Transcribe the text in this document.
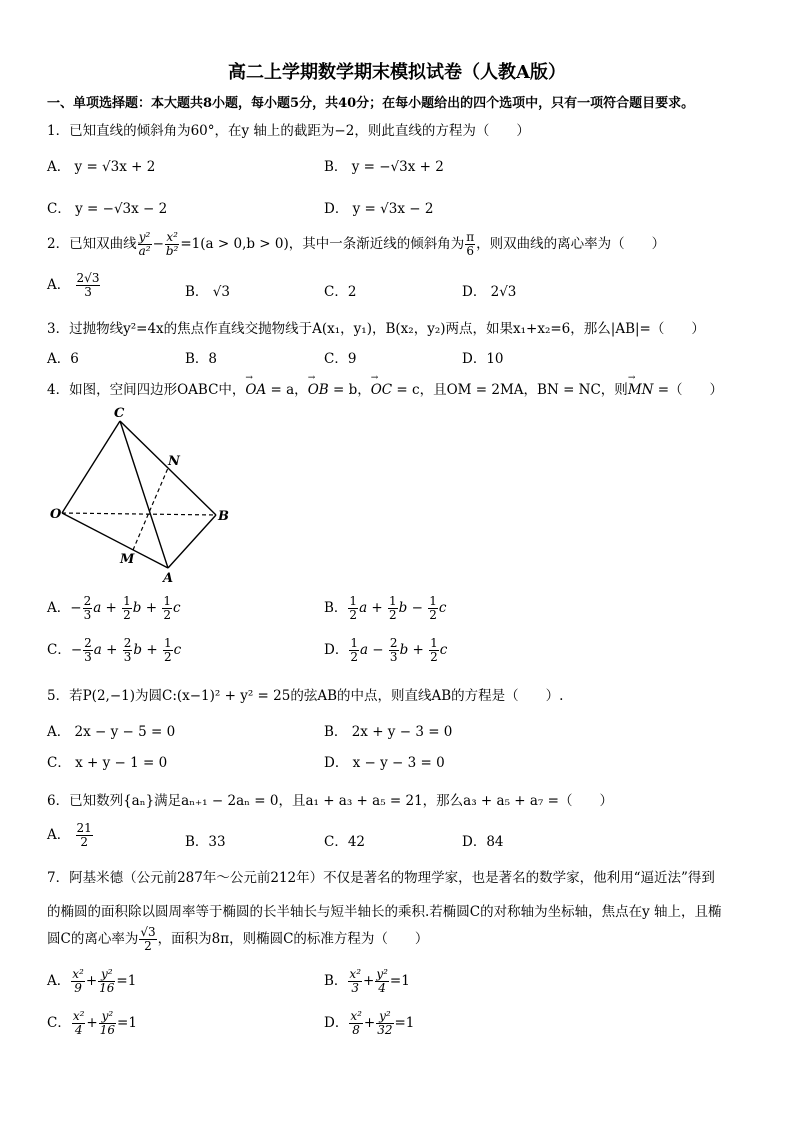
高二上学期数学期末模拟试卷（人教A版）
一、单项选择题：本大题共8小题，每小题5分，共40分；在每小题给出的四个选项中，只有一项符合题目要求。
1．已知直线的倾斜角为60°，在y 轴上的截距为−2，则此直线的方程为（　　）
A． y = √3x + 2	B． y = −√3x + 2
C． y = −√3x − 2	D． y = √3x − 2
2．已知双曲线 $\frac{\text{y²}}{\text{a²}} - \frac{\text{x²}}{\text{b²}} =1(a > 0,b > 0)$，其中一条渐近线的倾斜角为 $\frac{\pi}{6}$ ，则双曲线的离心率为（　　）
A． $\frac{2√3}{3}$	B． √3	C．2	D． 2√3
3．过抛物线y²=4x的焦点作直线交抛物线于A(x₁，y₁)，B(x₂，y₂)两点，如果x₁+x₂=6，那么|AB|=（　　）
A．6	B．8	C．9	D．10
4．如图，空间四边形OABC中，→ OA = a，→ OB = b，→ OC = c，且OM = 2MA，BN = NC，则→ MN =（　　）
C
N
O	B
M
A
A．− $\frac{2}{3}$ $a + \frac{1}{2}$ $b + \frac{1}{2}$ c	B． $\frac{1}{2}$ $a + \frac{1}{2}$ $b - \frac{1}{2}$ c
C．− $\frac{2}{3}$ $a + \frac{2}{3}$ $b + \frac{1}{2}$ c	D． $\frac{1}{2}$ $a - \frac{2}{3}$ $b + \frac{1}{2}$ c
5．若P(2,−1)为圆C:(x−1)² + y² = 25的弦AB的中点，则直线AB的方程是（　　）.
A． 2x − y − 5 = 0	B． 2x + y − 3 = 0
C． x + y − 1 = 0	D． x − y − 3 = 0
6．已知数列{aₙ}满足aₙ₊₁ − 2aₙ = 0，且a₁ + a₃ + a₅ = 21，那么a₃ + a₅ + a₇ =（　　）
A． $\frac{21}{2}$	B．33	C．42	D．84
7．阿基米德（公元前287年～公元前212年）不仅是著名的物理学家，也是著名的数学家，他利用“逼近法”得到
的椭圆的面积除以圆周率等于椭圆的长半轴长与短半轴长的乘积.若椭圆C的对称轴为坐标轴，焦点在y 轴上，且椭
圆C的离心率为 $\frac{√3}{2}$ ，面积为8π，则椭圆C的标准方程为（　　）
A． $\frac{\text{x²}}{9} + \frac{\text{y²}}{16} =1$	B． $\frac{\text{x²}}{3} + \frac{\text{y²}}{4} =1$
C． $\frac{\text{x²}}{4} + \frac{\text{y²}}{16} =1$	D． $\frac{\text{x²}}{8} + \frac{\text{y²}}{32} =1$
